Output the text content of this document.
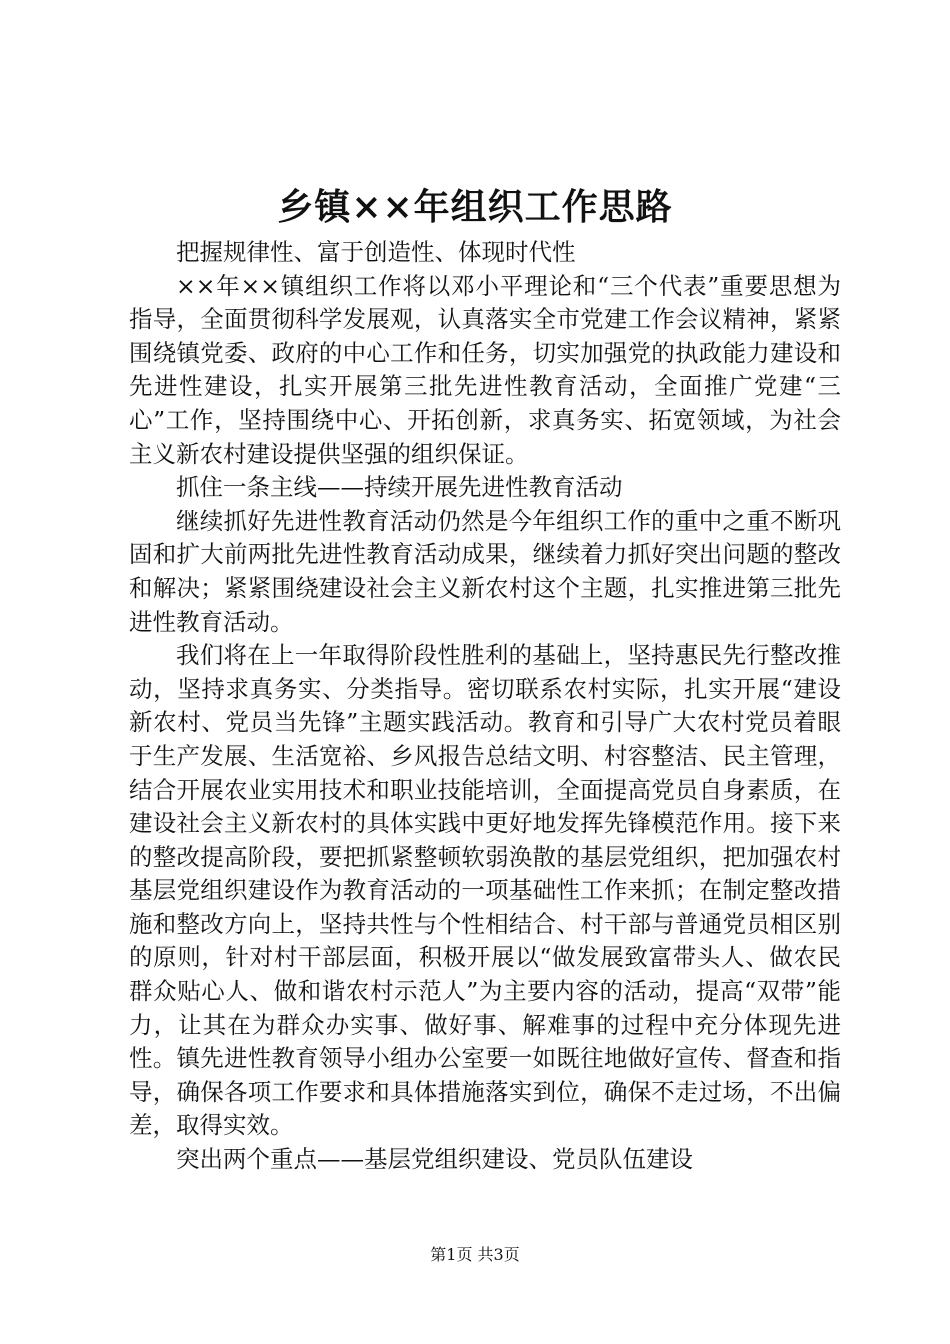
乡镇××年组织工作思路

把握规律性、富于创造性、体现时代性

××年××镇组织工作将以邓小平理论和“三个代表”重要思想为指导，全面贯彻科学发展观，认真落实全市党建工作会议精神，紧紧围绕镇党委、政府的中心工作和任务，切实加强党的执政能力建设和先进性建设，扎实开展第三批先进性教育活动，全面推广党建“三心”工作，坚持围绕中心、开拓创新，求真务实、拓宽领域，为社会主义新农村建设提供坚强的组织保证。

抓住一条主线——持续开展先进性教育活动

继续抓好先进性教育活动仍然是今年组织工作的重中之重不断巩固和扩大前两批先进性教育活动成果，继续着力抓好突出问题的整改和解决；紧紧围绕建设社会主义新农村这个主题，扎实推进第三批先进性教育活动。

我们将在上一年取得阶段性胜利的基础上，坚持惠民先行整改推动，坚持求真务实、分类指导。密切联系农村实际，扎实开展“建设新农村、党员当先锋”主题实践活动。教育和引导广大农村党员着眼于生产发展、生活宽裕、乡风报告总结文明、村容整洁、民主管理，结合开展农业实用技术和职业技能培训，全面提高党员自身素质，在建设社会主义新农村的具体实践中更好地发挥先锋模范作用。接下来的整改提高阶段，要把抓紧整顿软弱涣散的基层党组织，把加强农村基层党组织建设作为教育活动的一项基础性工作来抓；在制定整改措施和整改方向上，坚持共性与个性相结合、村干部与普通党员相区别的原则，针对村干部层面，积极开展以“做发展致富带头人、做农民群众贴心人、做和谐农村示范人”为主要内容的活动，提高“双带”能力，让其在为群众办实事、做好事、解难事的过程中充分体现先进性。镇先进性教育领导小组办公室要一如既往地做好宣传、督查和指导，确保各项工作要求和具体措施落实到位，确保不走过场，不出偏差，取得实效。

突出两个重点——基层党组织建设、党员队伍建设

第1页 共3页
